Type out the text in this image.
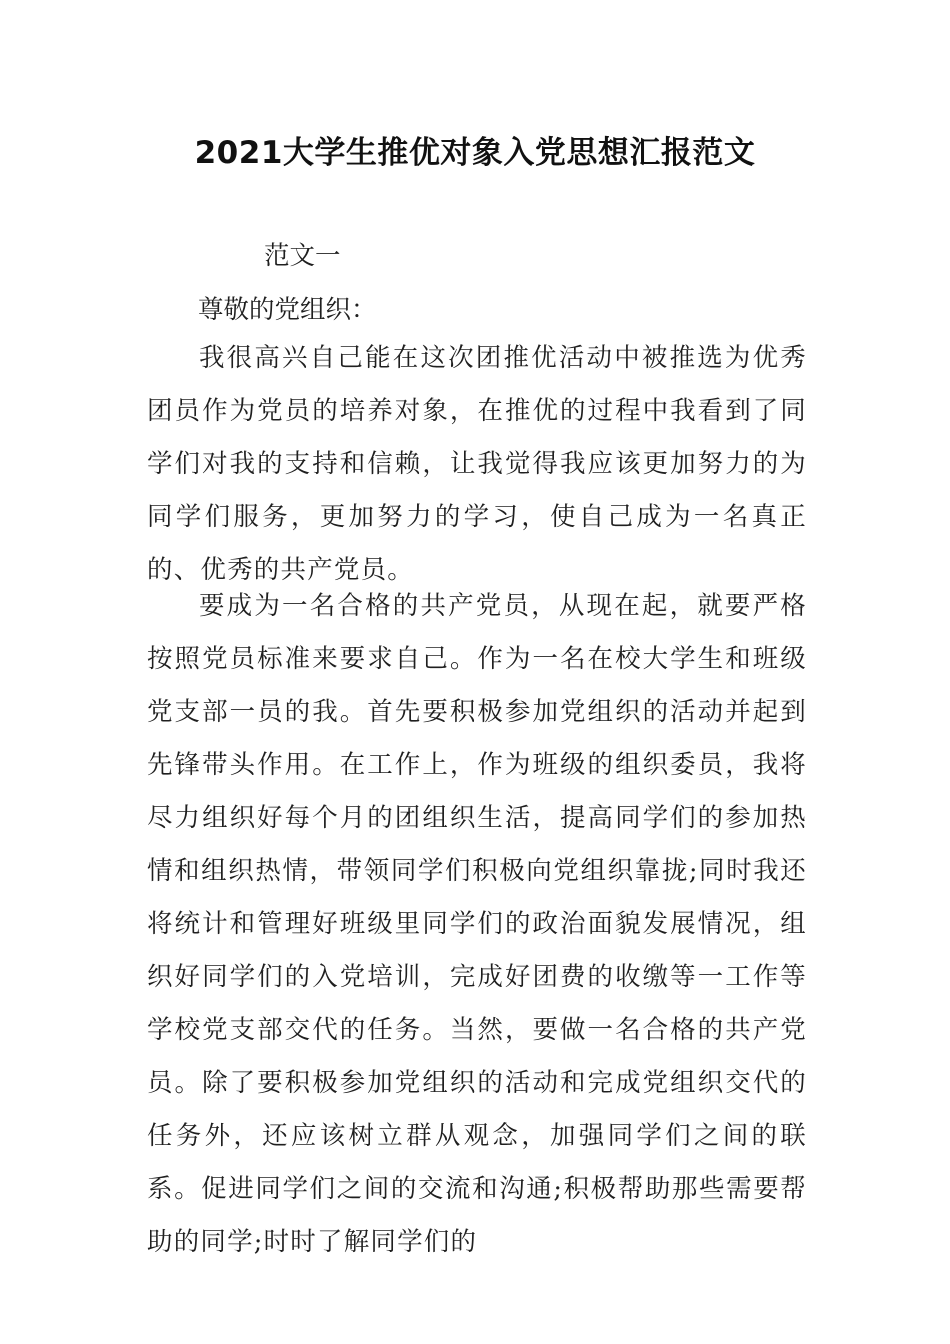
2021大学生推优对象入党思想汇报范文
范文一
尊敬的党组织：

我很高兴自己能在这次团推优活动中被推选为优秀团员作为党员的培养对象，在推优的过程中我看到了同学们对我的支持和信赖，让我觉得我应该更加努力的为同学们服务，更加努力的学习，使自己成为一名真正的、优秀的共产党员。

要成为一名合格的共产党员，从现在起，就要严格按照党员标准来要求自己。作为一名在校大学生和班级党支部一员的我。首先要积极参加党组织的活动并起到先锋带头作用。在工作上，作为班级的组织委员，我将尽力组织好每个月的团组织生活，提高同学们的参加热情和组织热情，带领同学们积极向党组织靠拢;同时我还将统计和管理好班级里同学们的政治面貌发展情况，组织好同学们的入党培训，完成好团费的收缴等一工作等学校党支部交代的任务。当然，要做一名合格的共产党员。除了要积极参加党组织的活动和完成党组织交代的任务外，还应该树立群从观念，加强同学们之间的联系。促进同学们之间的交流和沟通;积极帮助那些需要帮助的同学;时时了解同学们的
